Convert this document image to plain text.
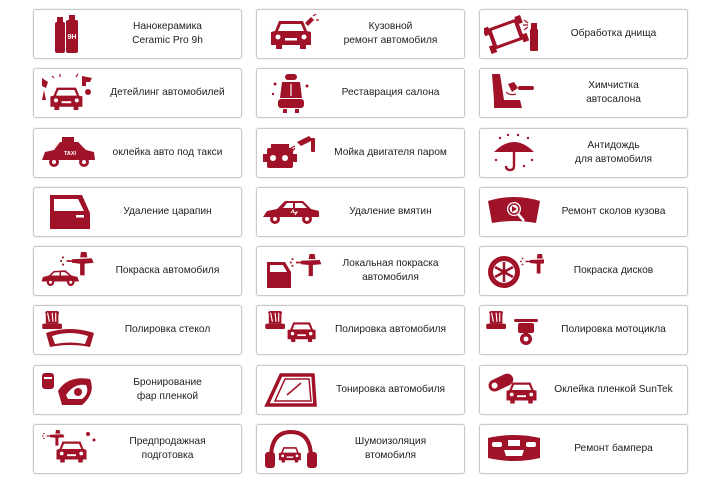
9H
Нанокерамика
Ceramic Pro 9h
Кузовной
ремонт автомобиля
Обработка днища
Детейлинг автомобилей	Реставрация салона
Химчистка
автосалона
TAXI	оклейка авто под такси	Мойка двигателя паром
Антидождь
для автомобиля
Удаление царапин	Удаление вмятин	Ремонт сколов кузова
Покраска автомобиля
Локальная покраска
автомобиля
Покраска дисков
Полировка стекол	Полировка автомобиля	Полировка мотоцикла
Бронирование
фар пленкой
Тонировка автомобиля	Оклейка пленкой SunTek
Предпродажная
подготовка
Шумоизоляция
втомобиля
Ремонт бампера
